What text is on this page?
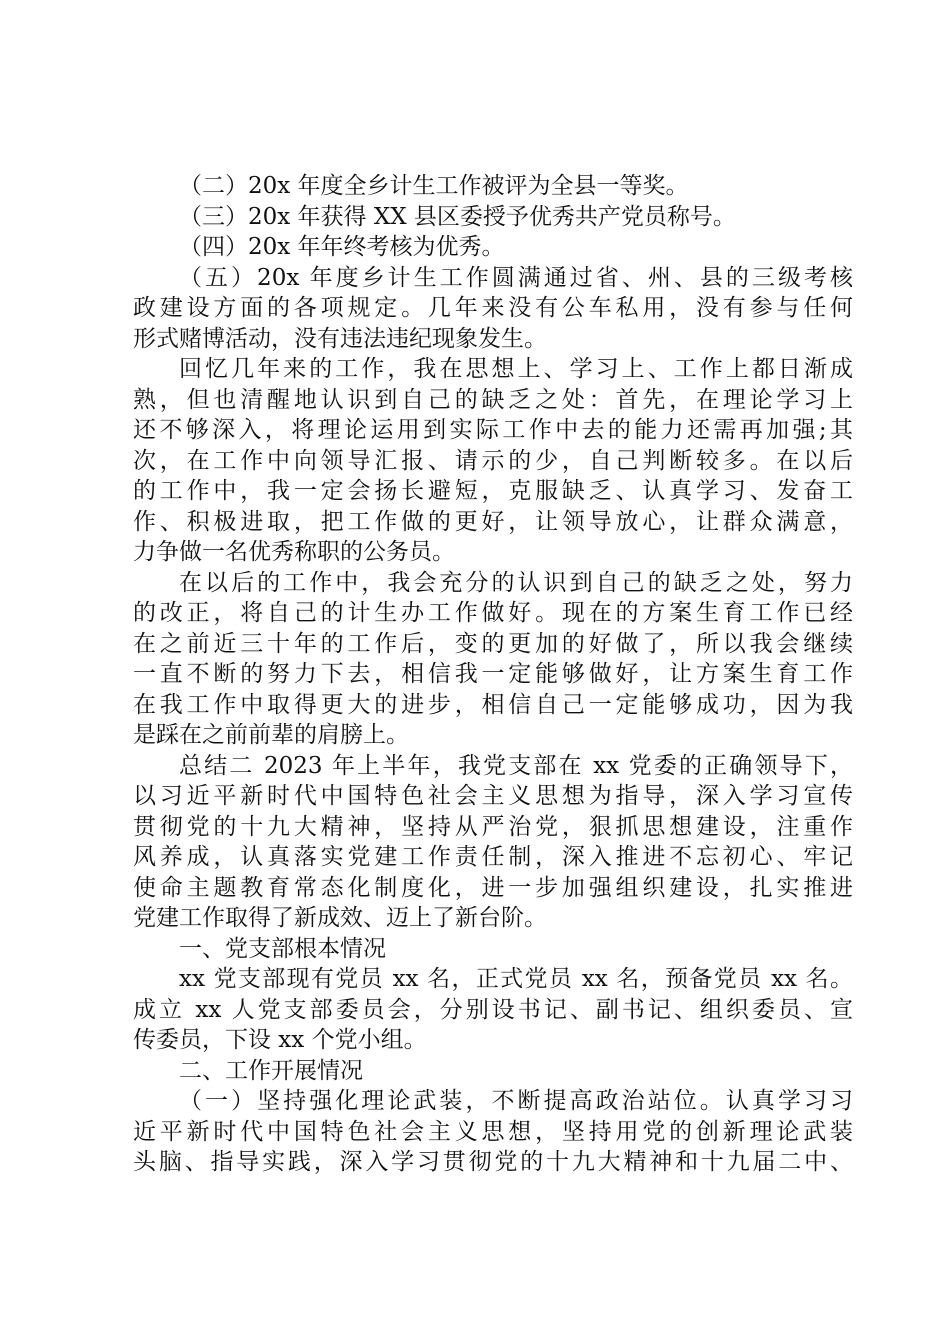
（二）20x 年度全乡计生工作被评为全县一等奖。
（三）20x 年获得 XX 县区委授予优秀共产党员称号。
（四）20x 年年终考核为优秀。
（五）20x 年度乡计生工作圆满通过省、州、县的三级考核
政建设方面的各项规定。几年来没有公车私用，没有参与任何
形式赌博活动，没有违法违纪现象发生。
回忆几年来的工作，我在思想上、学习上、工作上都日渐成
熟，但也清醒地认识到自己的缺乏之处：首先，在理论学习上
还不够深入，将理论运用到实际工作中去的能力还需再加强;其
次，在工作中向领导汇报、请示的少，自己判断较多。在以后
的工作中，我一定会扬长避短，克服缺乏、认真学习、发奋工
作、积极进取，把工作做的更好，让领导放心，让群众满意，
力争做一名优秀称职的公务员。
在以后的工作中，我会充分的认识到自己的缺乏之处，努力
的改正，将自己的计生办工作做好。现在的方案生育工作已经
在之前近三十年的工作后，变的更加的好做了，所以我会继续
一直不断的努力下去，相信我一定能够做好，让方案生育工作
在我工作中取得更大的进步，相信自己一定能够成功，因为我
是踩在之前前辈的肩膀上。
总结二 2023 年上半年，我党支部在 xx 党委的正确领导下，
以习近平新时代中国特色社会主义思想为指导，深入学习宣传
贯彻党的十九大精神，坚持从严治党，狠抓思想建设，注重作
风养成，认真落实党建工作责任制，深入推进不忘初心、牢记
使命主题教育常态化制度化，进一步加强组织建设，扎实推进
党建工作取得了新成效、迈上了新台阶。
一、党支部根本情况
xx 党支部现有党员 xx 名，正式党员 xx 名，预备党员 xx 名。
成立 xx 人党支部委员会，分别设书记、副书记、组织委员、宣
传委员，下设 xx 个党小组。
二、工作开展情况
（一）坚持强化理论武装，不断提高政治站位。认真学习习
近平新时代中国特色社会主义思想，坚持用党的创新理论武装
头脑、指导实践，深入学习贯彻党的十九大精神和十九届二中、
